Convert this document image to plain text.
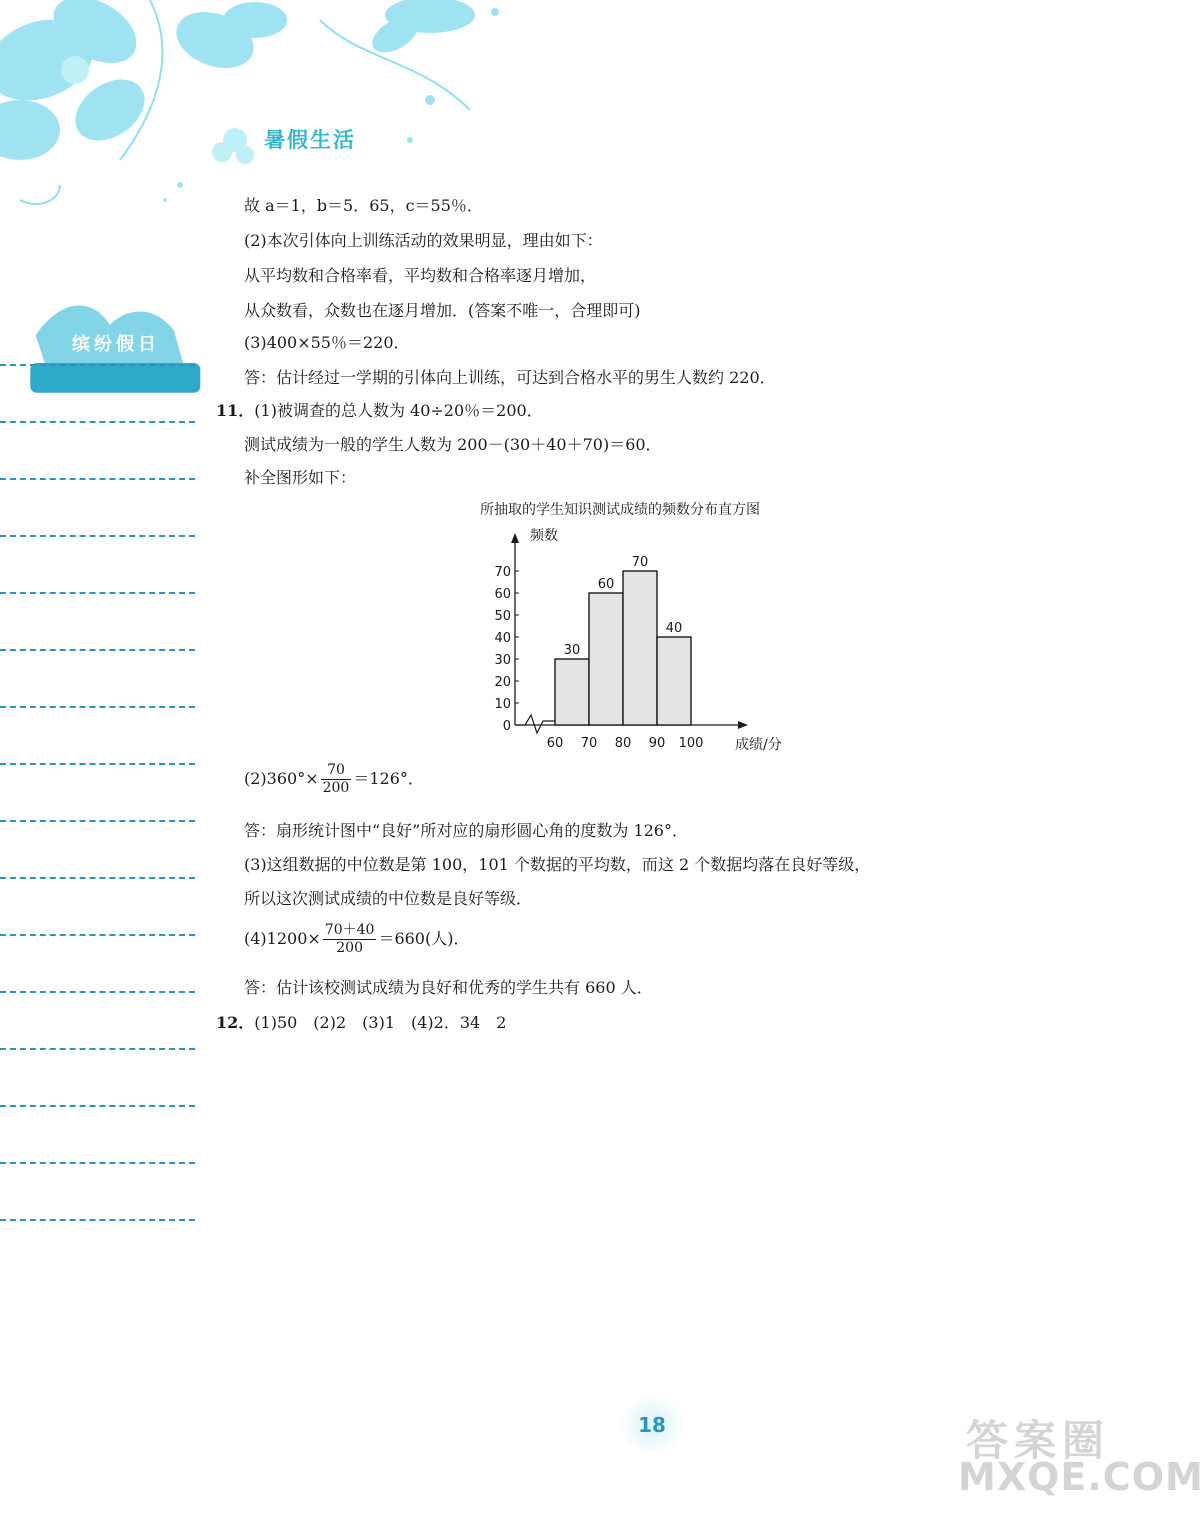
暑假生活
缤纷假日
故 a＝1，b＝5．65，c＝55％．
(2)本次引体向上训练活动的效果明显，理由如下：
从平均数和合格率看，平均数和合格率逐月增加，
从众数看，众数也在逐月增加．(答案不唯一，合理即可)
(3)400×55％＝220．
答：估计经过一学期的引体向上训练，可达到合格水平的男生人数约 220．
11．(1)被调查的总人数为 40÷20％＝200．
测试成绩为一般的学生人数为 200－(30＋40＋70)＝60．
补全图形如下：
所抽取的学生知识测试成绩的频数分布直方图
频数
0
10
20
30
40
50
60
70
60 70 80 90 100 成绩/分
30
60
70
40
$(2)360^\circ\times \frac{70}{200} =126^\circ$．
答：扇形统计图中“良好”所对应的扇形圆心角的度数为 126°．
(3)这组数据的中位数是第 100，101 个数据的平均数，而这 2 个数据均落在良好等级，
所以这次测试成绩的中位数是良好等级．
$(4)1200\times \frac{70+40}{200} =660$(人)．
答：估计该校测试成绩为良好和优秀的学生共有 660 人．
12．(1)50　(2)2　(3)1　(4)2．34　2
18	答案圈
MXQE.COM
